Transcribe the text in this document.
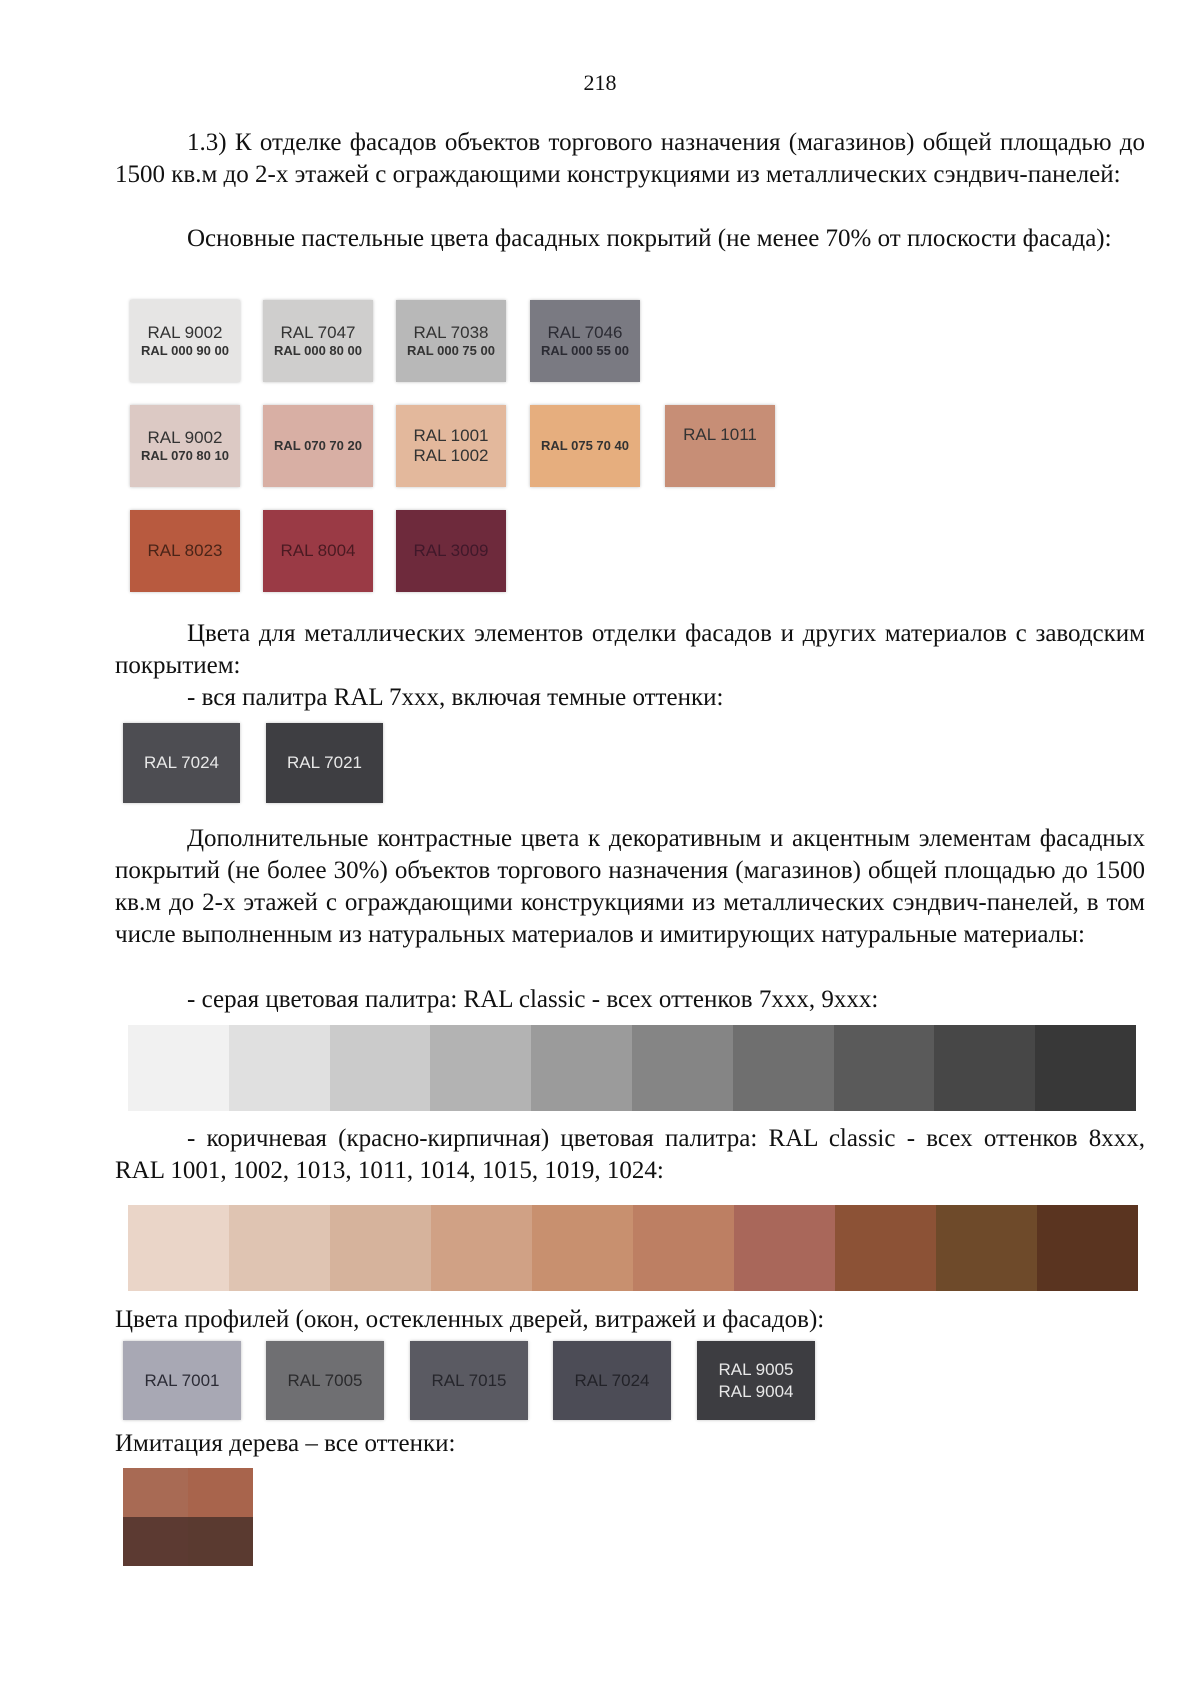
218
1.3) К отделке фасадов объектов торгового назначения (магазинов) общей площадью до 1500 кв.м до 2-х этажей с ограждающими конструкциями из металлических сэндвич-панелей:
Основные пастельные цвета фасадных покрытий (не менее 70% от плоскости фасада):
RAL 9002
RAL 000 90 00
RAL 7047
RAL 000 80 00
RAL 7038
RAL 000 75 00
RAL 7046
RAL 000 55 00
RAL 9002
RAL 070 80 10
RAL 070 70 20
RAL 1001
RAL 1002
RAL 075 70 40
RAL 1011
RAL 8023	RAL 8004	RAL 3009
Цвета для металлических элементов отделки фасадов и других материалов с заводским покрытием:
- вся палитра RAL 7xxx, включая темные оттенки:
RAL 7024	RAL 7021
Дополнительные контрастные цвета к декоративным и акцентным элементам фасадных покрытий (не более 30%) объектов торгового назначения (магазинов) общей площадью до 1500 кв.м до 2-х этажей с ограждающими конструкциями из металлических сэндвич-панелей, в том числе выполненным из натуральных материалов и имитирующих натуральные материалы:
- серая цветовая палитра: RAL classic - всех оттенков 7xxx, 9xxx:
- коричневая (красно-кирпичная) цветовая палитра: RAL classic - всех оттенков 8xxx, RAL 1001, 1002, 1013, 1011, 1014, 1015, 1019, 1024:
Цвета профилей (окон, остекленных дверей, витражей и фасадов):
RAL 7001	RAL 7005	RAL 7015	RAL 7024
RAL 9005
RAL 9004
Имитация дерева – все оттенки:
